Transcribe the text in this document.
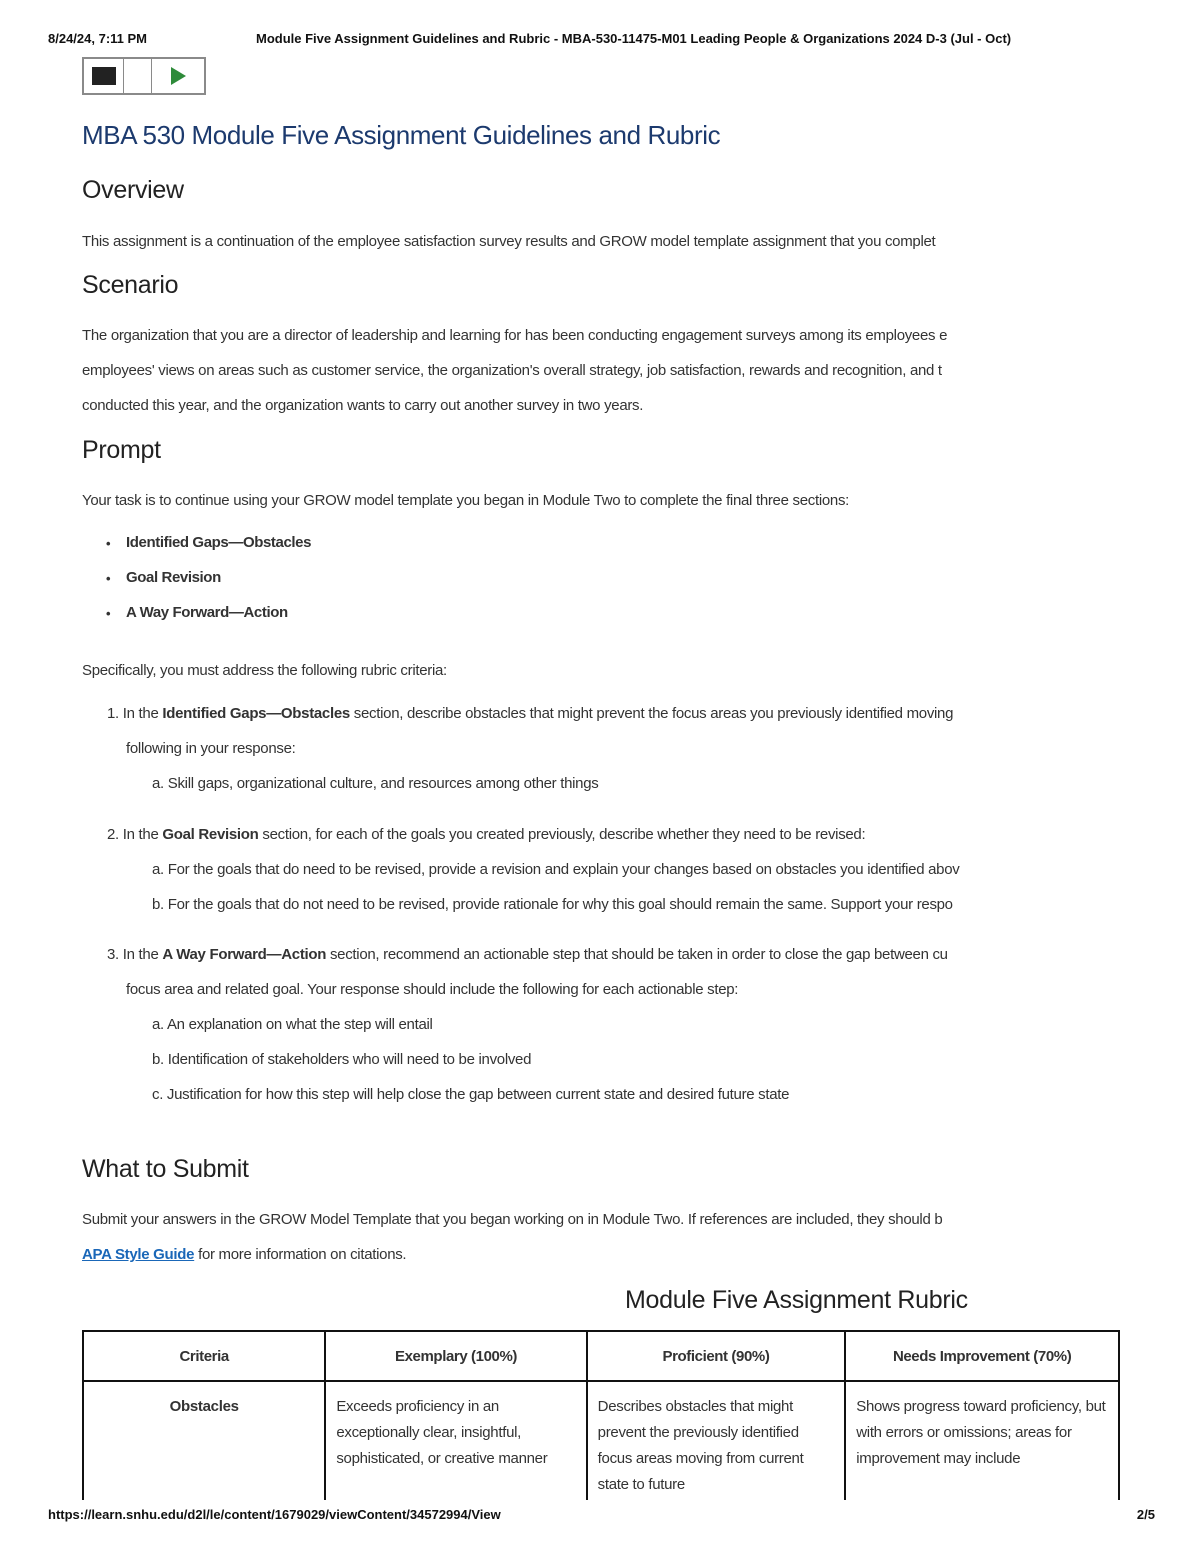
8/24/24, 7:11 PM	Module Five Assignment Guidelines and Rubric - MBA-530-11475-M01 Leading People & Organizations 2024 D-3 (Jul - Oct)
MBA 530 Module Five Assignment Guidelines and Rubric
Overview

This assignment is a continuation of the employee satisfaction survey results and GROW model template assignment that you complet

Scenario

The organization that you are a director of leadership and learning for has been conducting engagement surveys among its employees e

employees' views on areas such as customer service, the organization's overall strategy, job satisfaction, rewards and recognition, and t

conducted this year, and the organization wants to carry out another survey in two years.

Prompt

Your task is to continue using your GROW model template you began in Module Two to complete the final three sections:

• Identified Gaps—Obstacles
• Goal Revision
• A Way Forward—Action

Specifically, you must address the following rubric criteria:

1. In the Identified Gaps—Obstacles section, describe obstacles that might prevent the focus areas you previously identified moving

following in your response:

a. Skill gaps, organizational culture, and resources among other things

2. In the Goal Revision section, for each of the goals you created previously, describe whether they need to be revised:

a. For the goals that do need to be revised, provide a revision and explain your changes based on obstacles you identified abov

b. For the goals that do not need to be revised, provide rationale for why this goal should remain the same. Support your respo

3. In the A Way Forward—Action section, recommend an actionable step that should be taken in order to close the gap between cu

focus area and related goal. Your response should include the following for each actionable step:

a. An explanation on what the step will entail

b. Identification of stakeholders who will need to be involved

c. Justification for how this step will help close the gap between current state and desired future state

What to Submit

Submit your answers in the GROW Model Template that you began working on in Module Two. If references are included, they should b

APA Style Guide for more information on citations.

Module Five Assignment Rubric
Criteria	Exemplary (100%)	Proficient (90%)	Needs Improvement (70%)
Obstacles	Exceeds proficiency in an exceptionally clear, insightful, sophisticated, or creative manner	Describes obstacles that might prevent the previously identified focus areas moving from current state to future	Shows progress toward proficiency, but with errors or omissions; areas for improvement may include
https://learn.snhu.edu/d2l/le/content/1679029/viewContent/34572994/View	2/5
